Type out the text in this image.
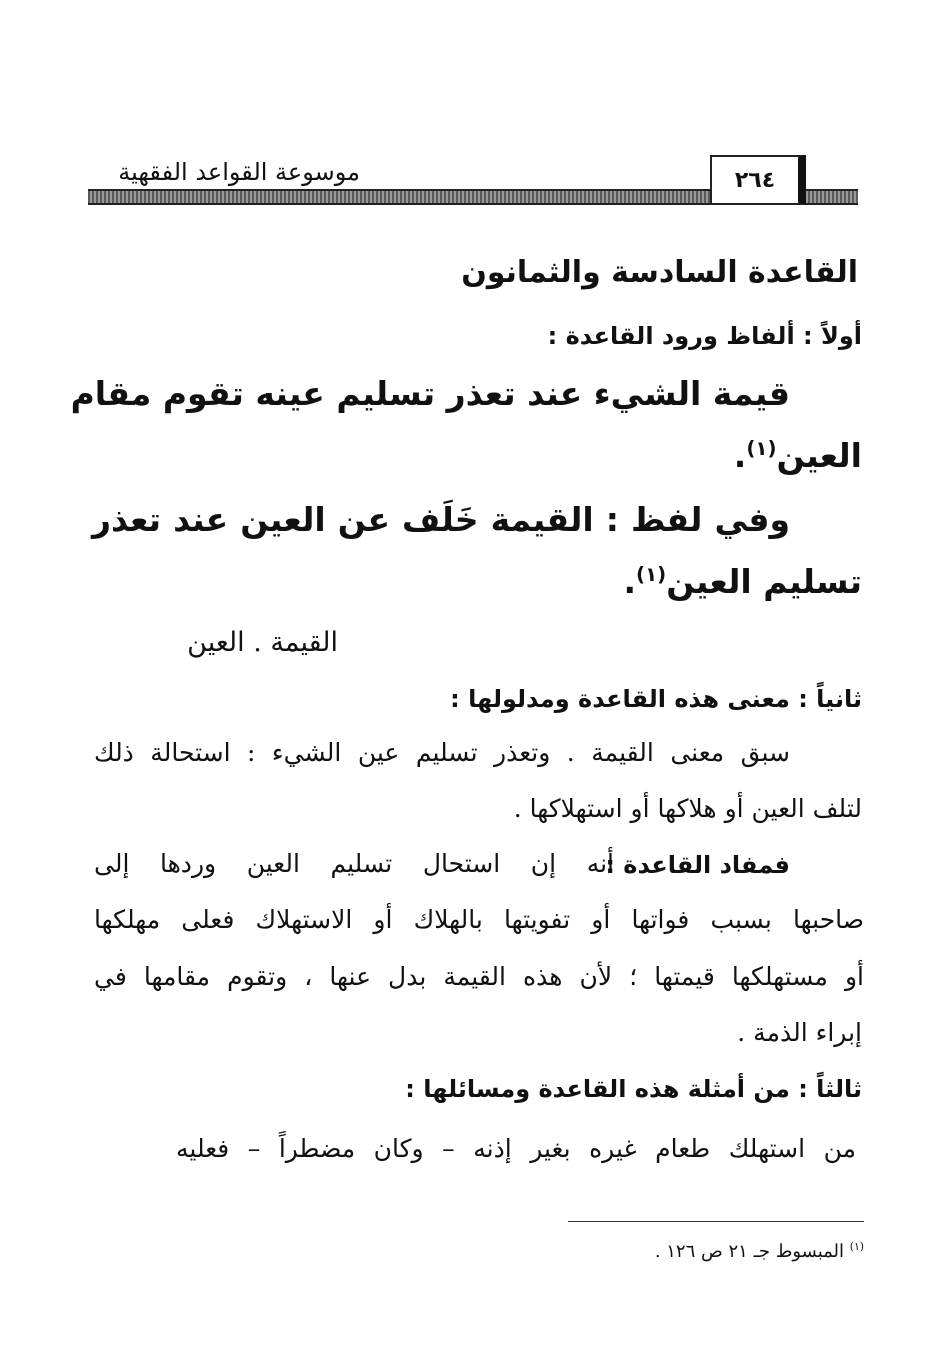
٢٦٤
موسوعة القواعد الفقهية
القاعدة السادسة والثمانون
أولاً : ألفاظ ورود القاعدة :
قيمة الشيء عند تعذر تسليم عينه تقوم مقام
العين$^{(١)}$.
وفي لفظ : القيمة خَلَف عن العين عند تعذر
تسليم العين$^{(١)}$.
القيمة . العين
ثانياً : معنى هذه القاعدة ومدلولها :
سبق معنى القيمة . وتعذر تسليم عين الشيء : استحالة ذلك
لتلف العين أو هلاكها أو استهلاكها .
فمفاد القاعدة :
أنه إن استحال تسليم العين وردها إلى
صاحبها بسبب فواتها أو تفويتها بالهلاك أو الاستهلاك فعلى مهلكها
أو مستهلكها قيمتها ؛ لأن هذه القيمة بدل عنها ، وتقوم مقامها في
إبراء الذمة .
ثالثاً : من أمثلة هذه القاعدة ومسائلها :
من استهلك طعام غيره بغير إذنه – وكان مضطراً – فعليه
$^{(١)}$ المبسوط جـ ٢١ ص ١٢٦ .
